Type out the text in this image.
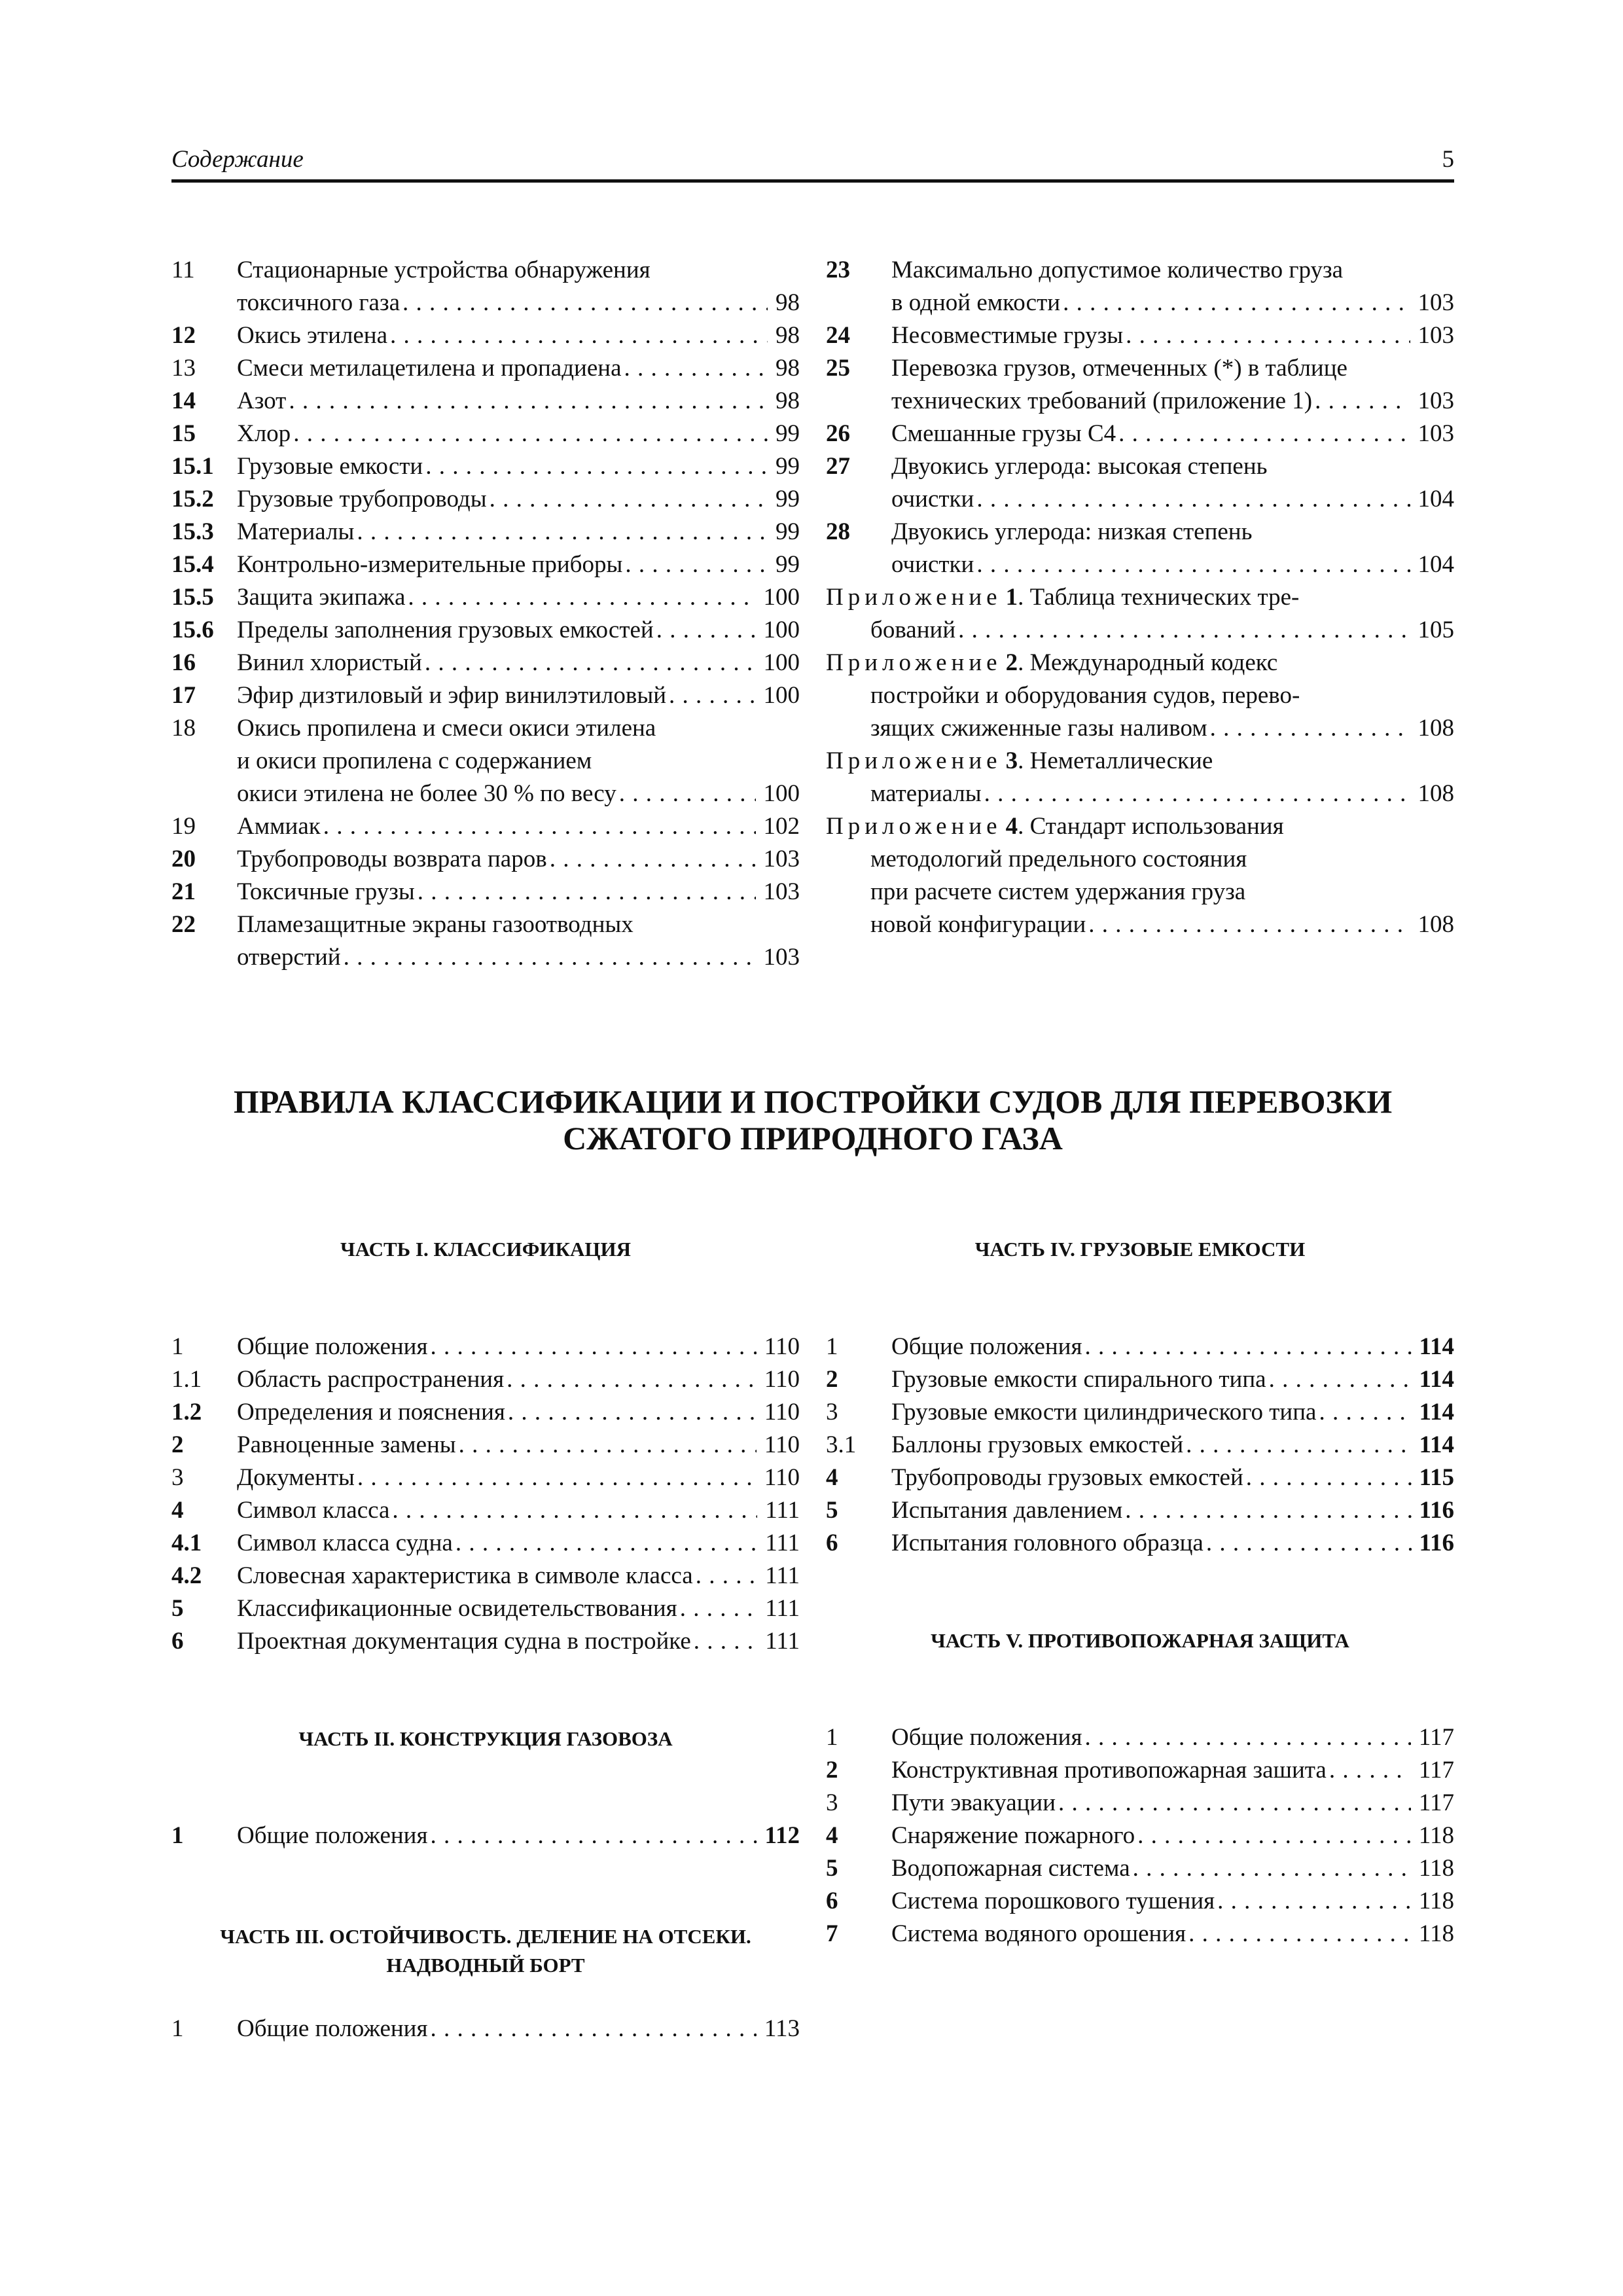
Содержание	5
11 Стационарные устройства обнаружения
токсичного газа . . .	98
12 Окись этилена . . .	98
13 Смеси метилацетилена и пропадиена . . .	98
14 Азот . . .	98
15 Хлор . . .	99
15.1 Грузовые емкости . . .	99
15.2 Грузовые трубопроводы . . .	99
15.3 Материалы . . .	99
15.4 Контрольно-измерительные приборы . . .	99
15.5 Защита экипажа . . .	100
15.6 Пределы заполнения грузовых емкостей . . .	100
16 Винил хлористый . . .	100
17 Эфир дизтиловый и эфир винилэтиловый . . .	100
18 Окись пропилена и смеси окиси этилена
и окиси пропилена с содержанием
окиси этилена не более 30 % по весу . . .	100
19 Аммиак . . .	102
20 Трубопроводы возврата паров . . .	103
21 Токсичные грузы . . .	103
22 Пламезащитные экраны газоотводных
отверстий . . .	103
23 Максимально допустимое количество груза
в одной емкости . . .	103
24 Несовместимые грузы . . .	103
25 Перевозка грузов, отмеченных (*) в таблице
технических требований (приложение 1) . . .	103
26 Смешанные грузы С4 . . .	103
27 Двуокись углерода: высокая степень
очистки . . .	104
28 Двуокись углерода: низкая степень
очистки . . .	104
Приложение 1. Таблица технических тре-
бований . . .	105
Приложение 2. Международный кодекс
постройки и оборудования судов, перево-
зящих сжиженные газы наливом . . .	108
Приложение 3. Неметаллические
материалы . . .	108
Приложение 4. Стандарт использования
методологий предельного состояния
при расчете систем удержания груза
новой конфигурации . . .	108
ПРАВИЛА КЛАССИФИКАЦИИ И ПОСТРОЙКИ СУДОВ ДЛЯ ПЕРЕВОЗКИ
СЖАТОГО ПРИРОДНОГО ГАЗА
ЧАСТЬ I. КЛАССИФИКАЦИЯ
1 Общие положения . . .	110
1.1 Область распространения . . .	110
1.2 Определения и пояснения . . .	110
2 Равноценные замены . . .	110
3 Документы . . .	110
4 Символ класса . . .	111
4.1 Символ класса судна . . .	111
4.2 Словесная характеристика в символе класса . . .	111
5 Классификационные освидетельствования . . .	111
6 Проектная документация судна в постройке . . .	111
ЧАСТЬ II. КОНСТРУКЦИЯ ГАЗОВОЗА
1 Общие положения . . .	112
ЧАСТЬ III. ОСТОЙЧИВОСТЬ. ДЕЛЕНИЕ НА ОТСЕКИ.
НАДВОДНЫЙ БОРТ
1 Общие положения . . .	113
ЧАСТЬ IV. ГРУЗОВЫЕ ЕМКОСТИ
1 Общие положения . . .	114
2 Грузовые емкости спирального типа . . .	114
3 Грузовые емкости цилиндрического типа . . .	114
3.1 Баллоны грузовых емкостей . . .	114
4 Трубопроводы грузовых емкостей . . .	115
5 Испытания давлением . . .	116
6 Испытания головного образца . . .	116
ЧАСТЬ V. ПРОТИВОПОЖАРНАЯ ЗАЩИТА
1 Общие положения . . .	117
2 Конструктивная противопожарная зашита . . .	117
3 Пути эвакуации . . .	117
4 Снаряжение пожарного . . .	118
5 Водопожарная система . . .	118
6 Система порошкового тушения . . .	118
7 Система водяного орошения . . .	118
